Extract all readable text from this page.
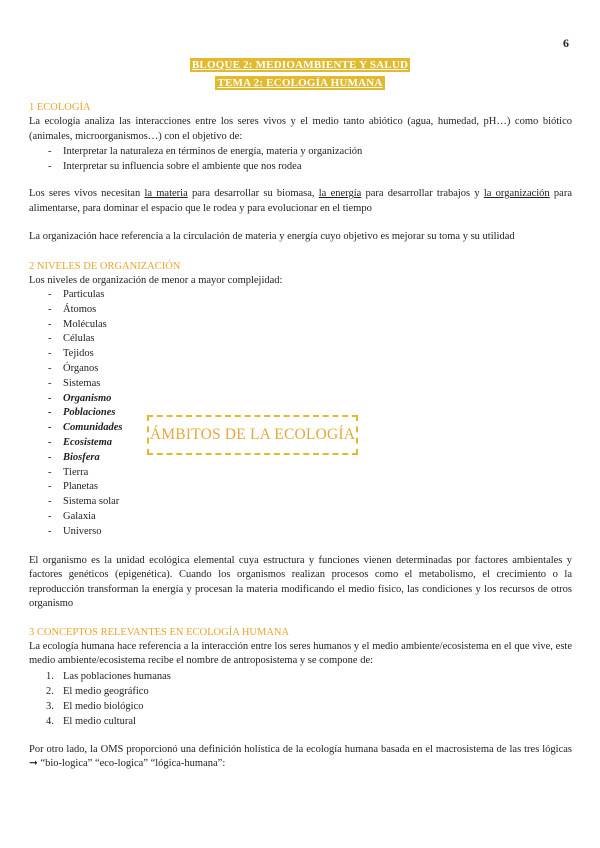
6
BLOQUE 2: MEDIOAMBIENTE Y SALUD
TEMA 2: ECOLOGÍA HUMANA
1 ECOLOGÍA

La ecología analiza las interacciones entre los seres vivos y el medio tanto abiótico (agua, humedad, pH…) como biótico (animales, microorganismos…) con el objetivo de:

- Interpretar la naturaleza en términos de energía, materia y organización
- Interpretar su influencia sobre el ambiente que nos rodea

Los seres vivos necesitan la materia para desarrollar su biomasa, la energía para desarrollar trabajos y la organización para alimentarse, para dominar el espacio que le rodea y para evolucionar en el tiempo

La organización hace referencia a la circulación de materia y energía cuyo objetivo es mejorar su toma y su utilidad

2 NIVELES DE ORGANIZACIÓN

Los niveles de organización de menor a mayor complejidad:

- Particulas
- Átomos
- Moléculas
- Células
- Tejidos
- Órganos
- Sistemas
- Organismo
- Poblaciones
- Comunidades
- Ecosistema
- Biosfera
- Tierra
- Planetas
- Sistema solar
- Galaxia
- Universo

El organismo es la unidad ecológica elemental cuya estructura y funciones vienen determinadas por factores ambientales y factores genéticos (epigenética). Cuando los organismos realizan procesos como el metabolismo, el crecimiento o la reproducción transforman la energía y procesan la materia modificando el medio físico, las condiciones y los recursos de otros organismo

3 CONCEPTOS RELEVANTES EN ECOLOGÍA HUMANA

La ecología humana hace referencia a la interacción entre los seres humanos y el medio ambiente/ecosistema en el que vive, este medio ambiente/ecosistema recibe el nombre de antroposistema y se compone de:

1. Las poblaciones humanas
2. El medio geográfico
3. El medio biológico
4. El medio cultural

Por otro lado, la OMS proporcionó una definición holística de la ecología humana basada en el macrosistema de las tres lógicas ➞ “bio-logica” “eco-logica” “lógica-humana”:

ÁMBITOS DE LA ECOLOGÍA
